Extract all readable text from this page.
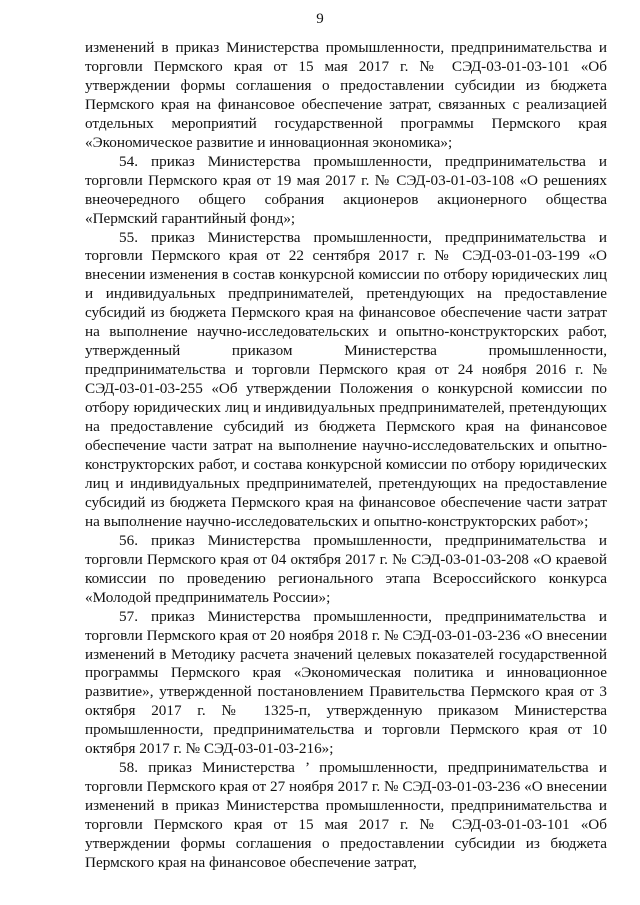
9

изменений в приказ Министерства промышленности, предпринимательства и торговли Пермского края от 15 мая 2017 г. № СЭД-03-01-03-101 «Об утверждении формы соглашения о предоставлении субсидии из бюджета Пермского края на финансовое обеспечение затрат, связанных с реализацией отдельных мероприятий государственной программы Пермского края «Экономическое развитие и инновационная экономика»;

54. приказ Министерства промышленности, предпринимательства и торговли Пермского края от 19 мая 2017 г. № СЭД-03-01-03-108 «О решениях внеочередного общего собрания акционеров акционерного общества «Пермский гарантийный фонд»;

55. приказ Министерства промышленности, предпринимательства и торговли Пермского края от 22 сентября 2017 г. № СЭД-03-01-03-199 «О внесении изменения в состав конкурсной комиссии по отбору юридических лиц и индивидуальных предпринимателей, претендующих на предоставление субсидий из бюджета Пермского края на финансовое обеспечение части затрат на выполнение научно-исследовательских и опытно-конструкторских работ, утвержденный приказом Министерства промышленности, предпринимательства и торговли Пермского края от 24 ноября 2016 г. № СЭД-03-01-03-255 «Об утверждении Положения о конкурсной комиссии по отбору юридических лиц и индивидуальных предпринимателей, претендующих на предоставление субсидий из бюджета Пермского края на финансовое обеспечение части затрат на выполнение научно-исследовательских и опытно-конструкторских работ, и состава конкурсной комиссии по отбору юридических лиц и индивидуальных предпринимателей, претендующих на предоставление субсидий из бюджета Пермского края на финансовое обеспечение части затрат на выполнение научно-исследовательских и опытно-конструкторских работ»;

56. приказ Министерства промышленности, предпринимательства и торговли Пермского края от 04 октября 2017 г. № СЭД-03-01-03-208 «О краевой комиссии по проведению регионального этапа Всероссийского конкурса «Молодой предприниматель России»;

57. приказ Министерства промышленности, предпринимательства и торговли Пермского края от 20 ноября 2018 г. № СЭД-03-01-03-236 «О внесении изменений в Методику расчета значений целевых показателей государственной программы Пермского края «Экономическая политика и инновационное развитие», утвержденной постановлением Правительства Пермского края от 3 октября 2017 г. № 1325-п, утвержденную приказом Министерства промышленности, предпринимательства и торговли Пермского края от 10 октября 2017 г. № СЭД-03-01-03-216»;

58. приказ Министерства ’ промышленности, предпринимательства и торговли Пермского края от 27 ноября 2017 г. № СЭД-03-01-03-236 «О внесении изменений в приказ Министерства промышленности, предпринимательства и торговли Пермского края от 15 мая 2017 г. № СЭД-03-01-03-101 «Об утверждении формы соглашения о предоставлении субсидии из бюджета Пермского края на финансовое обеспечение затрат,
